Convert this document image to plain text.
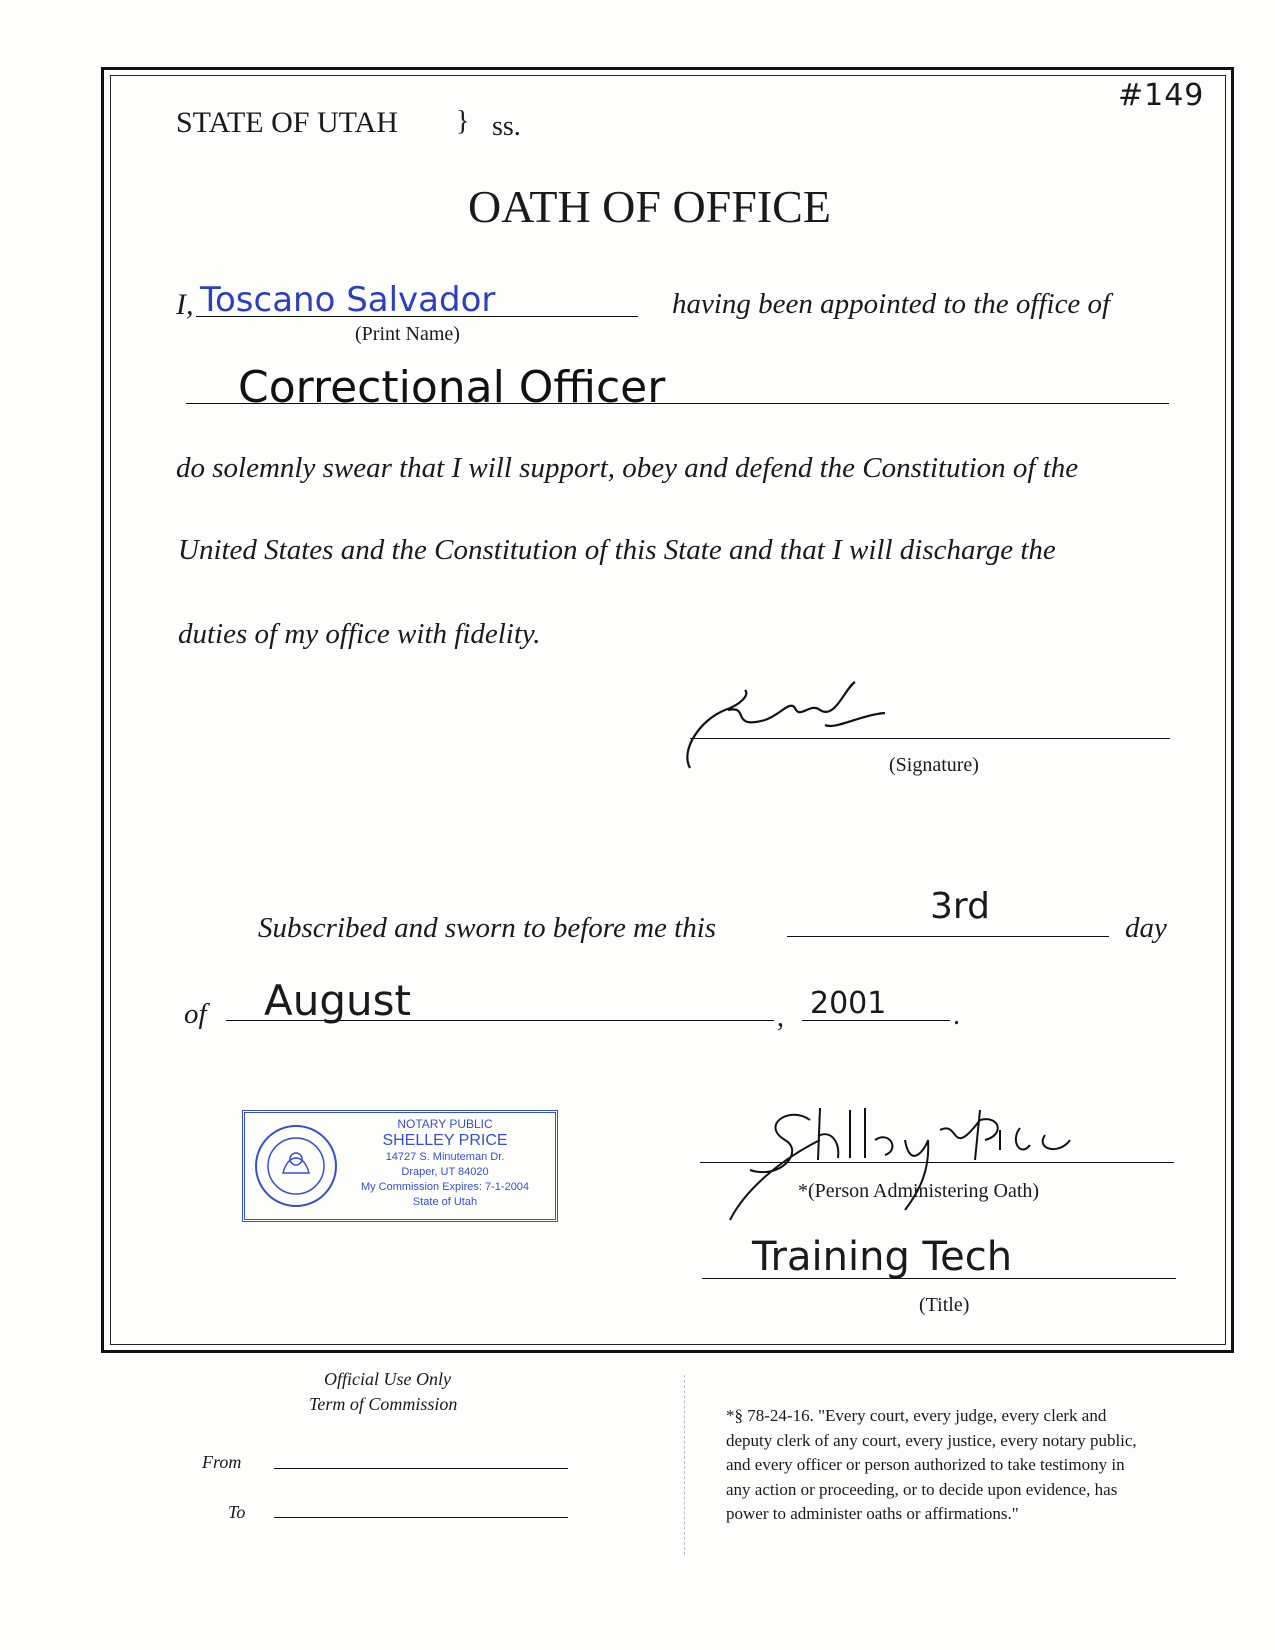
#149
STATE OF UTAH } ss.
OATH OF OFFICE
I, Toscano Salvador
(Print Name)
having been appointed to the office of
Correctional Officer
do solemnly swear that I will support, obey and defend the Constitution of the
United States and the Constitution of this State and that I will discharge the
duties of my office with fidelity.
(Signature)
Subscribed and sworn to before me this
3rd
day
of August	, 2001 .
NOTARY PUBLIC
SHELLEY PRICE
14727 S. Minuteman Dr.
Draper, UT 84020
My Commission Expires: 7-1-2004
State of Utah	*(Person Administering Oath)
Training Tech
(Title)
Official Use Only
Term of Commission
From
To
*§ 78-24-16. "Every court, every judge, every clerk and
deputy clerk of any court, every justice, every notary public,
and every officer or person authorized to take testimony in
any action or proceeding, or to decide upon evidence, has
power to administer oaths or affirmations."
